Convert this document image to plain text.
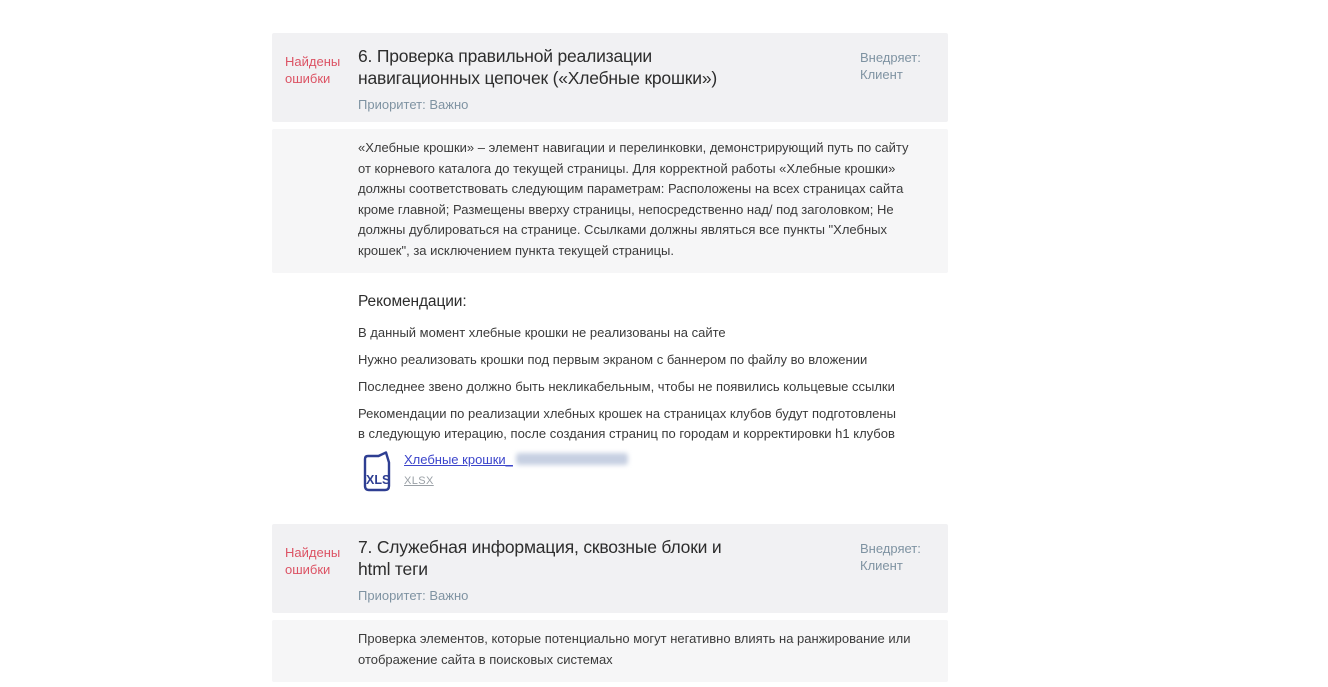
Найдены ошибки
6. Проверка правильной реализации навигационных цепочек («Хлебные крошки»)
Приоритет: Важно
Внедряет: Клиент

«Хлебные крошки» – элемент навигации и перелинковки, демонстрирующий путь по сайту от корневого каталога до текущей страницы. Для корректной работы «Хлебные крошки» должны соответствовать следующим параметрам: Расположены на всех страницах сайта кроме главной; Размещены вверху страницы, непосредственно над/ под заголовком; Не должны дублироваться на странице. Ссылками должны являться все пункты "Хлебных крошек", за исключением пункта текущей страницы.

Рекомендации:

В данный момент хлебные крошки не реализованы на сайте

Нужно реализовать крошки под первым экраном с баннером по файлу во вложении

Последнее звено должно быть некликабельным, чтобы не появились кольцевые ссылки

Рекомендации по реализации хлебных крошек на страницах клубов будут подготовлены в следующую итерацию, после создания страниц по городам и корректировки h1 клубов

XLS
Хлебные крошки_
XLSX
Найдены ошибки
7. Служебная информация, сквозные блоки и html теги
Приоритет: Важно
Внедряет: Клиент

Проверка элементов, которые потенциально могут негативно влиять на ранжирование или отображение сайта в поисковых системах
